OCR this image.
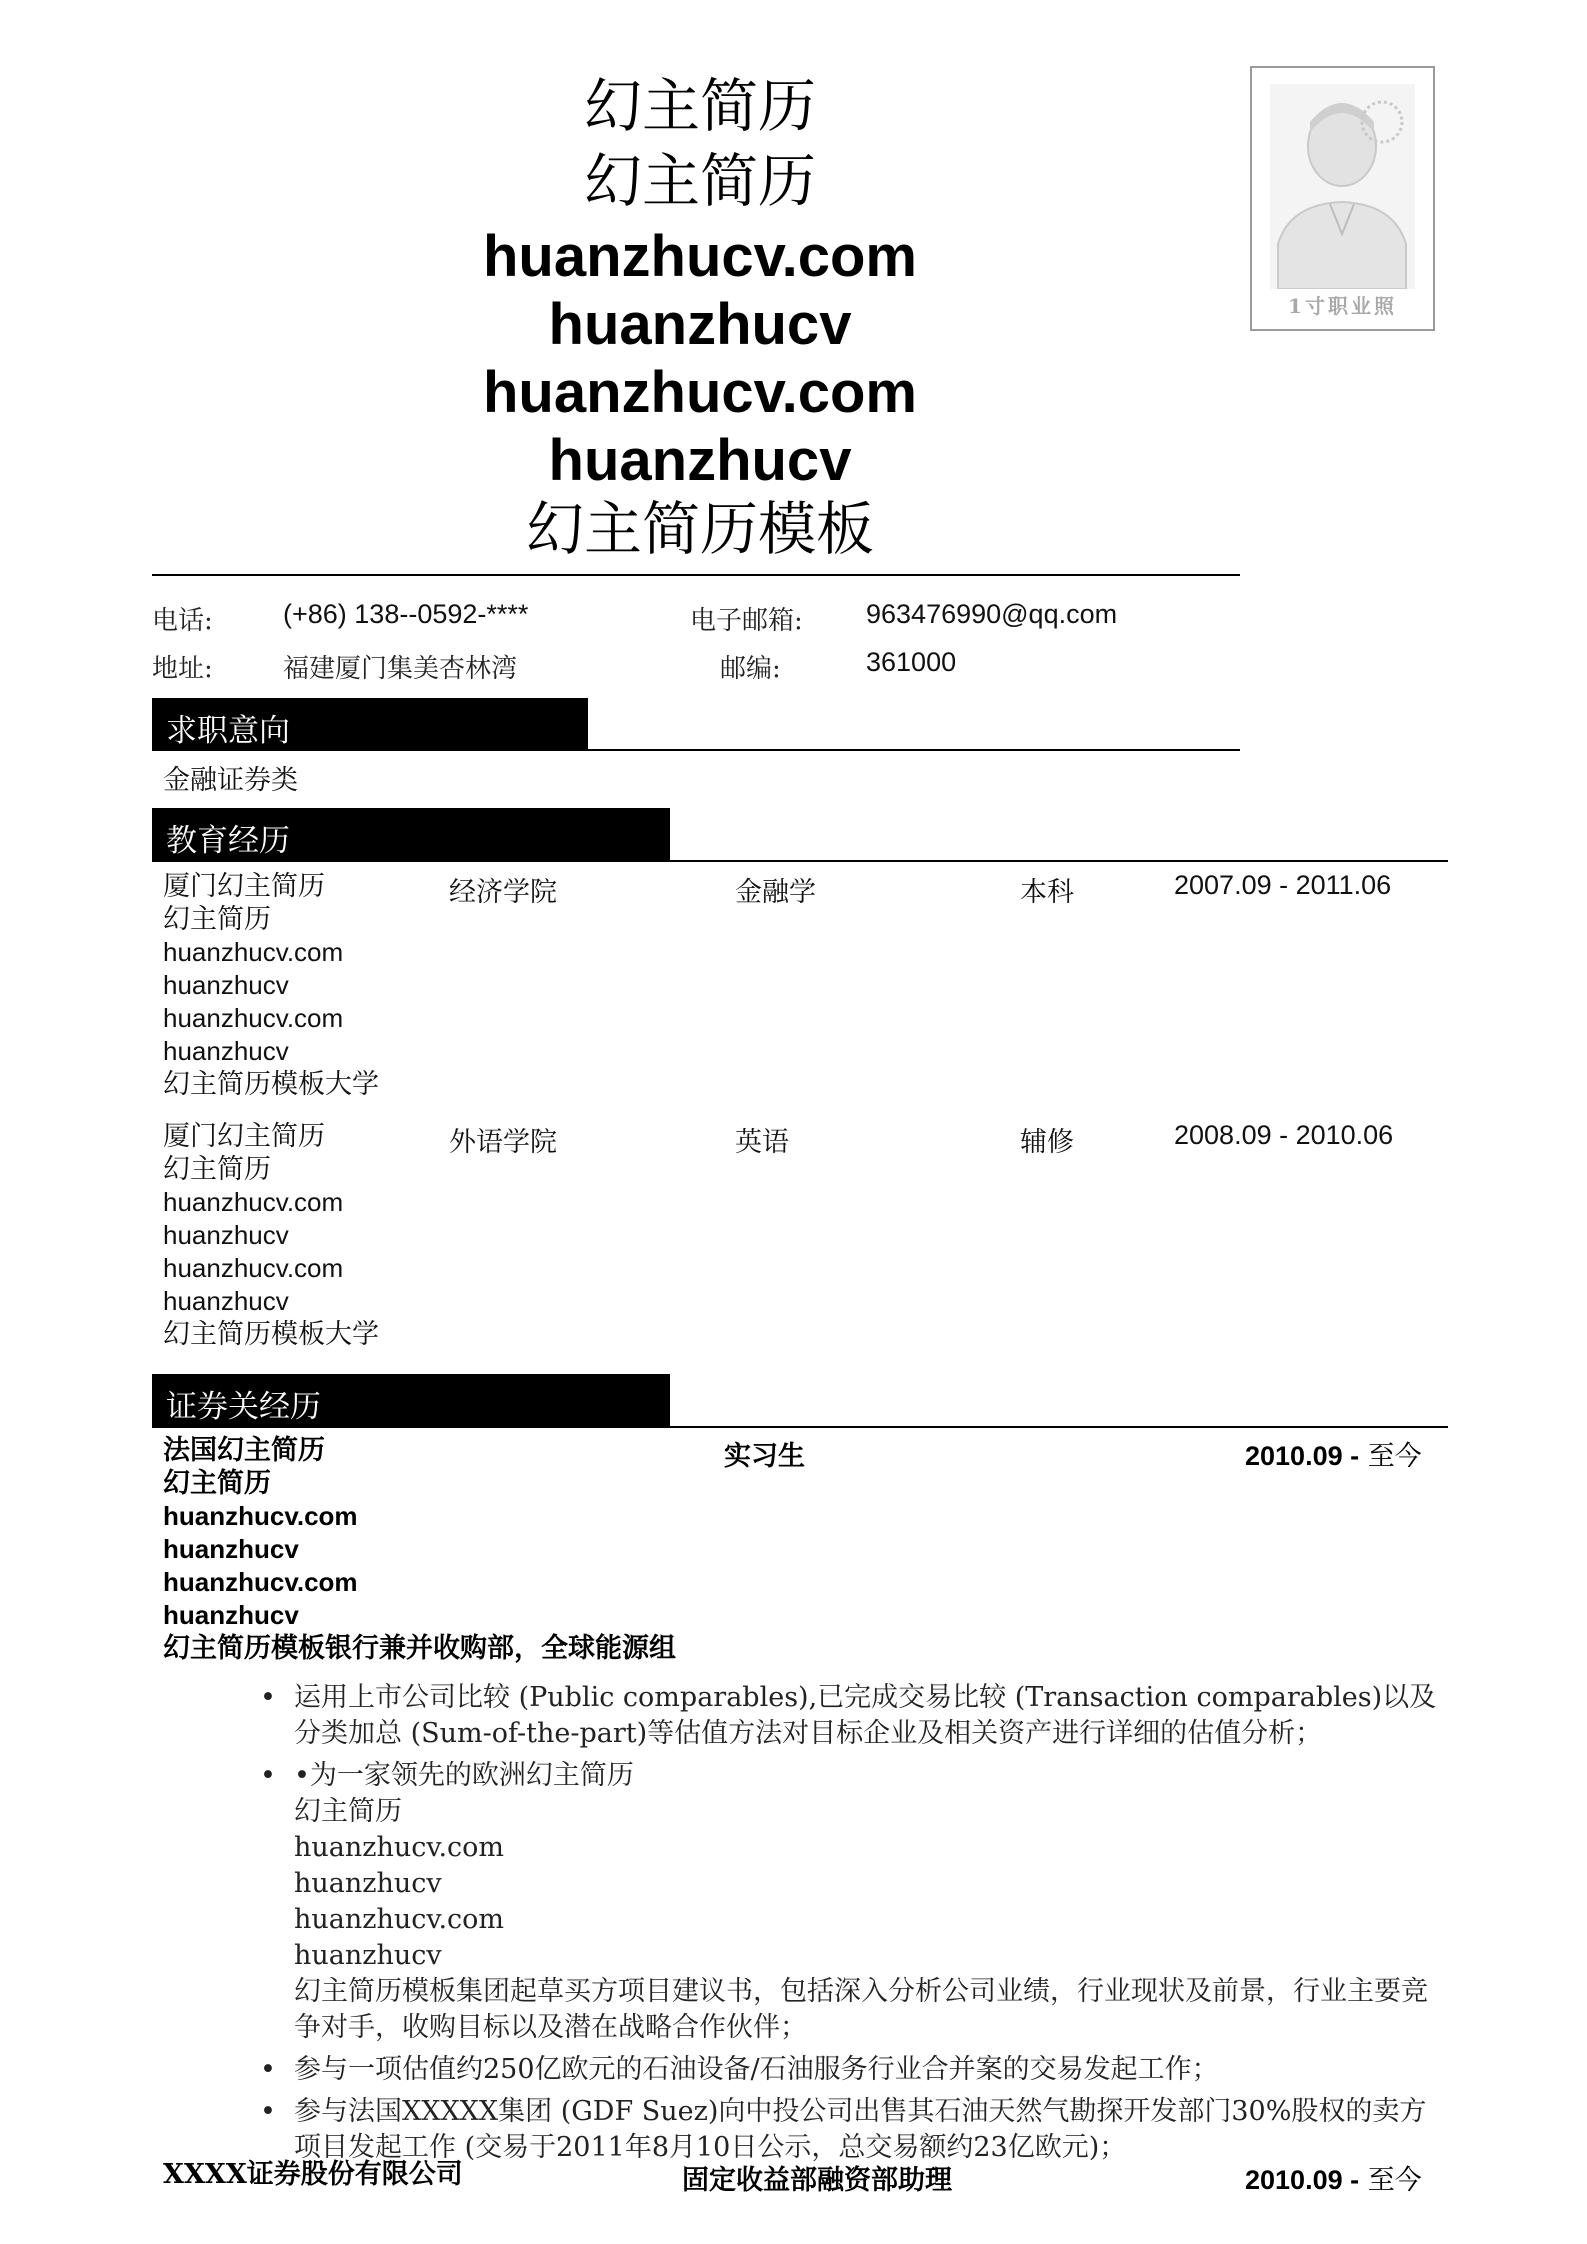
幻主简历
幻主简历
huanzhucv.com
huanzhucv
huanzhucv.com
huanzhucv
幻主简历模板
1寸职业照
电话:	(+86) 138--0592-****	电子邮箱: 963476990@qq.com
地址:	福建厦门集美杏林湾	邮编:	361000
求职意向
金融证券类
教育经历
厦门幻主简历
幻主简历
huanzhucv.com
huanzhucv
huanzhucv.com
huanzhucv
幻主简历模板大学
经济学院	金融学	本科	2007.09 - 2011.06
厦门幻主简历
幻主简历
huanzhucv.com
huanzhucv
huanzhucv.com
huanzhucv
幻主简历模板大学
外语学院	英语	辅修	2008.09 - 2010.06
证券关经历
法国幻主简历
幻主简历
huanzhucv.com
huanzhucv
huanzhucv.com
huanzhucv
幻主简历模板银行兼并收购部，全球能源组
实习生	2010.09 - 至今
• 运用上市公司比较 (Public comparables),已完成交易比较 (Transaction comparables)以及分类加总 (Sum-of-the-part)等估值方法对目标企业及相关资产进行详细的估值分析；
• •为一家领先的欧洲幻主简历
幻主简历
huanzhucv.com
huanzhucv
huanzhucv.com
huanzhucv
幻主简历模板集团起草买方项目建议书，包括深入分析公司业绩，行业现状及前景，行业主要竞争对手，收购目标以及潜在战略合作伙伴；
• 参与一项估值约250亿欧元的石油设备/石油服务行业合并案的交易发起工作；
• 参与法国XXXXX集团 (GDF Suez)向中投公司出售其石油天然气勘探开发部门30%股权的卖方项目发起工作 (交易于2011年8月10日公示，总交易额约23亿欧元)；
XXXX证券股份有限公司	固定收益部融资部助理	2010.09 - 至今
